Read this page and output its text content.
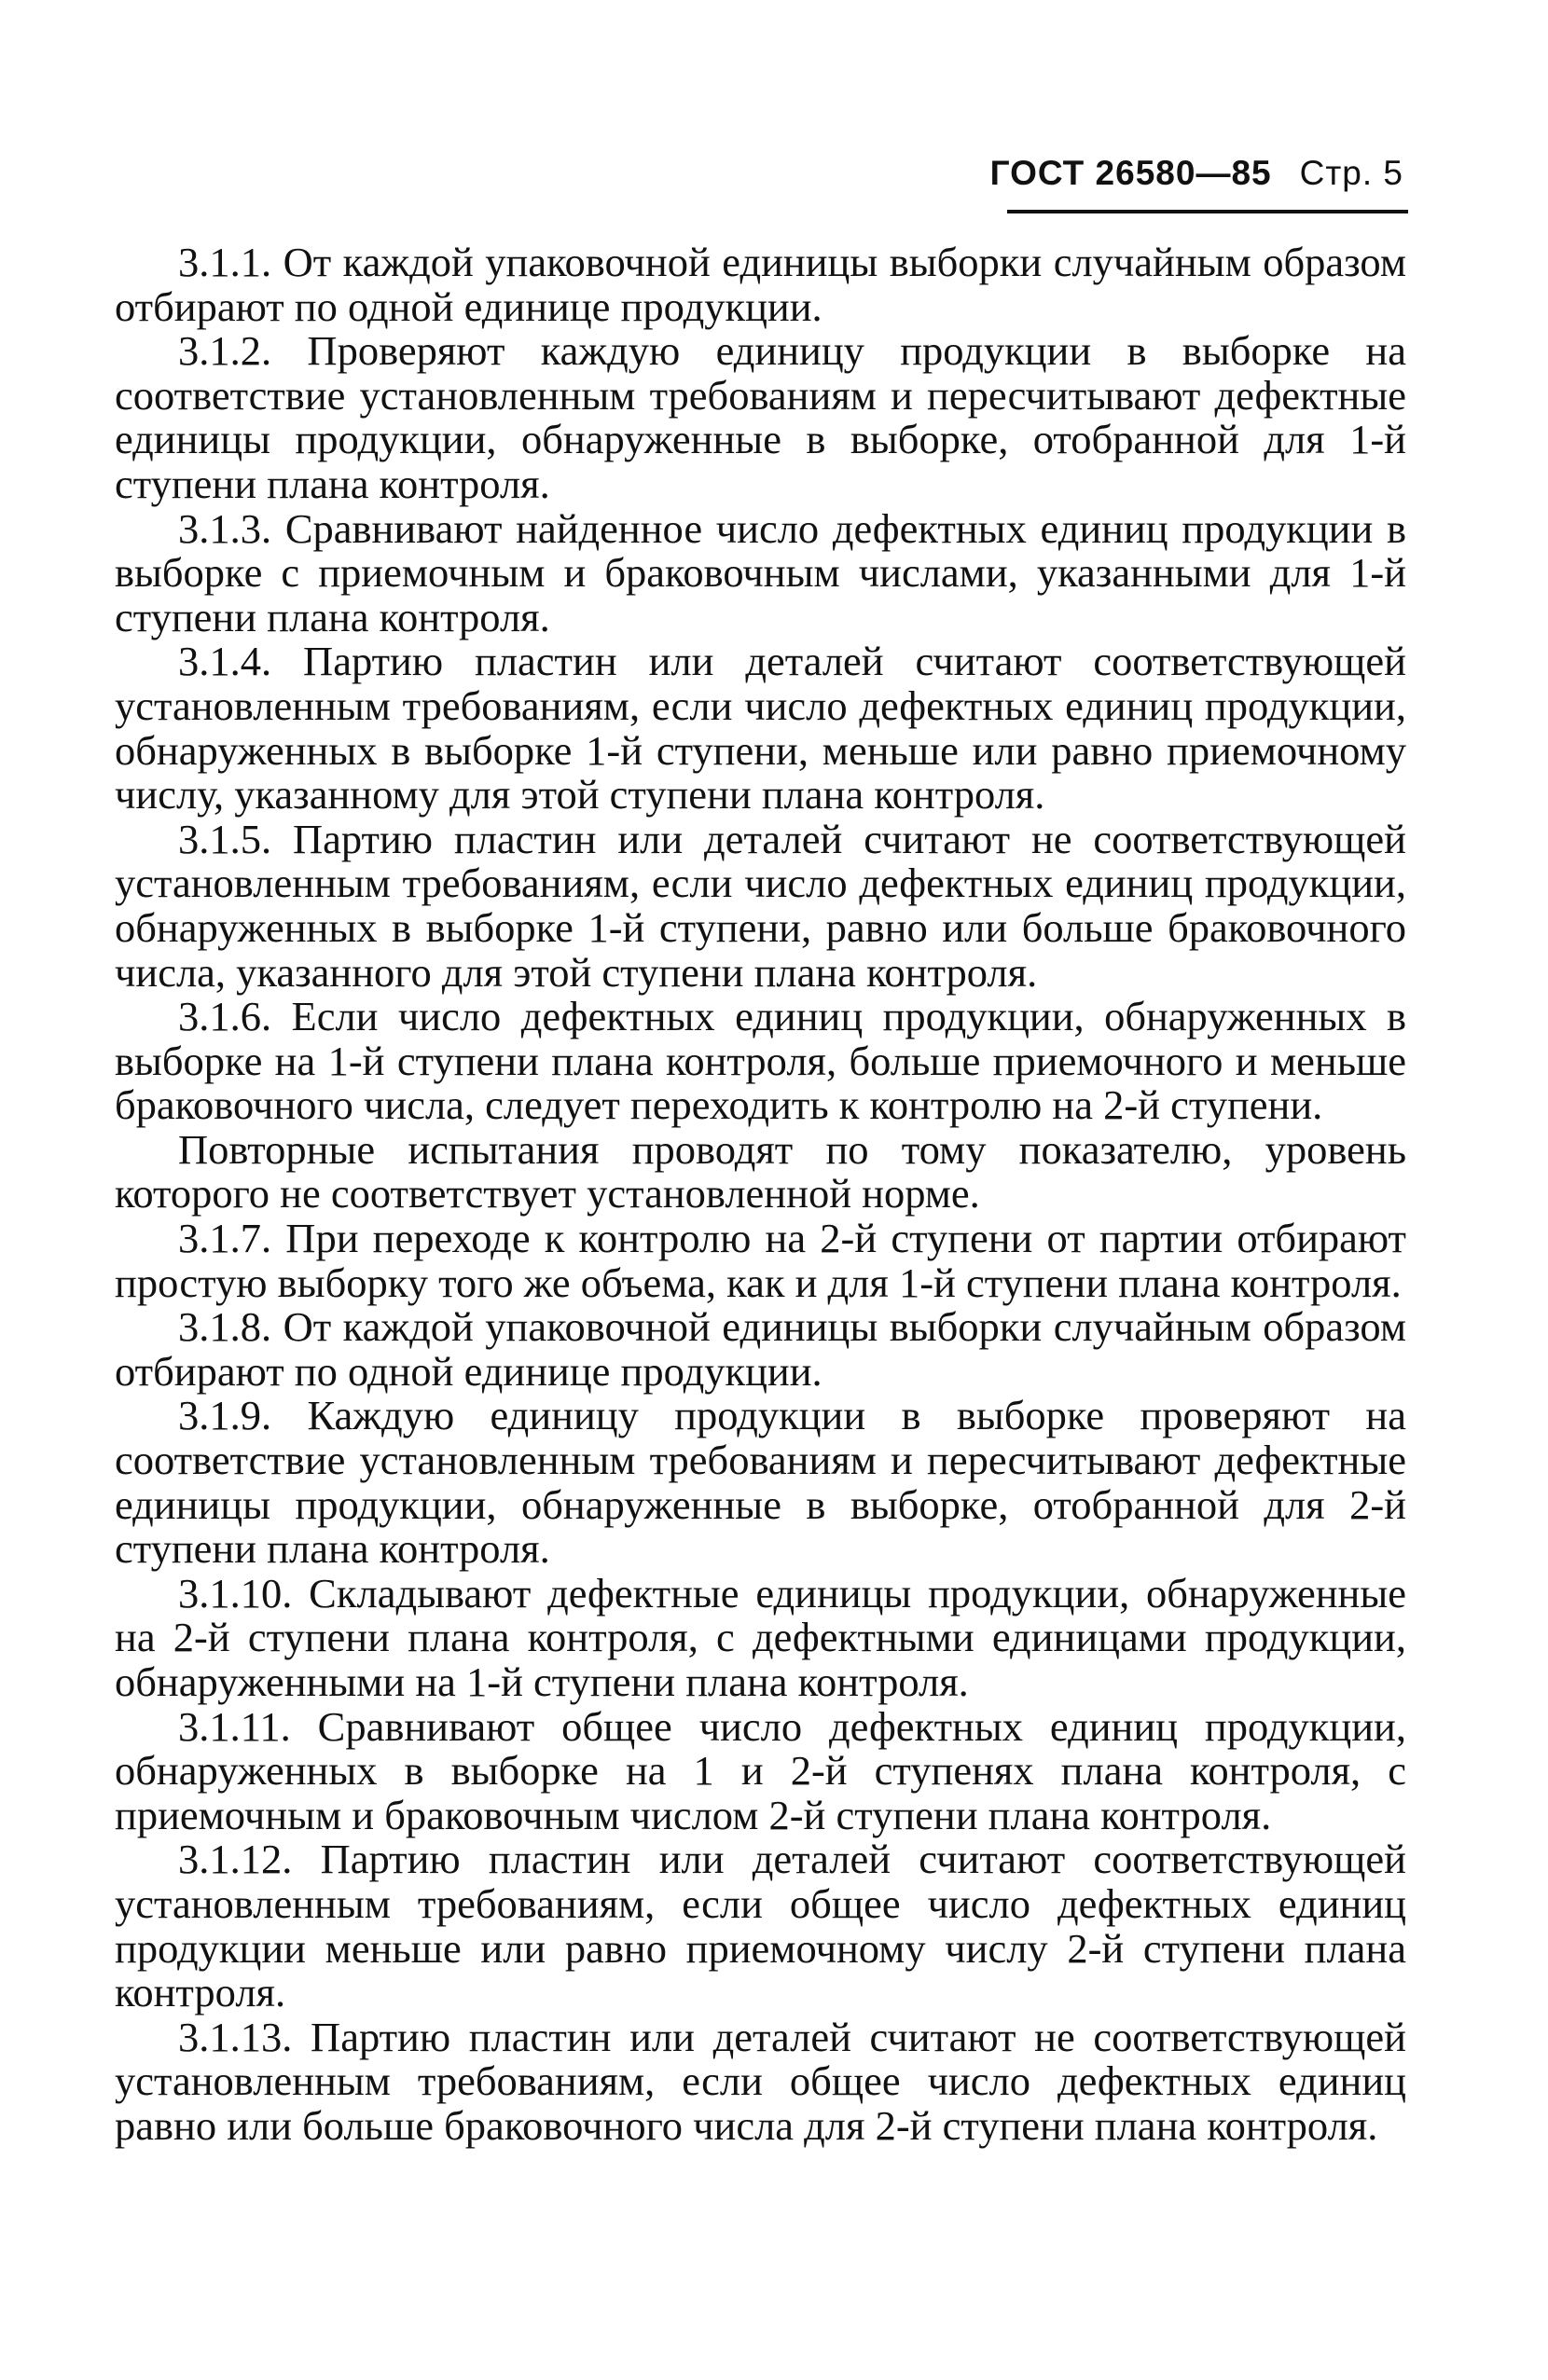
ГОСТ 26580—85 Стр. 5

3.1.1. От каждой упаковочной единицы выборки случайным образом отбирают по одной единице продукции.

3.1.2. Проверяют каждую единицу продукции в выборке на соответствие установленным требованиям и пересчитывают дефектные единицы продукции, обнаруженные в выборке, отобранной для 1-й ступени плана контроля.

3.1.3. Сравнивают найденное число дефектных единиц продукции в выборке с приемочным и браковочным числами, указанными для 1-й ступени плана контроля.

3.1.4. Партию пластин или деталей считают соответствующей установленным требованиям, если число дефектных единиц продукции, обнаруженных в выборке 1-й ступени, меньше или равно приемочному числу, указанному для этой ступени плана контроля.

3.1.5. Партию пластин или деталей считают не соответствующей установленным требованиям, если число дефектных единиц продукции, обнаруженных в выборке 1-й ступени, равно или больше браковочного числа, указанного для этой ступени плана контроля.

3.1.6. Если число дефектных единиц продукции, обнаруженных в выборке на 1-й ступени плана контроля, больше приемочного и меньше браковочного числа, следует переходить к контролю на 2-й ступени.

Повторные испытания проводят по тому показателю, уровень которого не соответствует установленной норме.

3.1.7. При переходе к контролю на 2-й ступени от партии отбирают простую выборку того же объема, как и для 1-й ступени плана контроля.

3.1.8. От каждой упаковочной единицы выборки случайным образом отбирают по одной единице продукции.

3.1.9. Каждую единицу продукции в выборке проверяют на соответствие установленным требованиям и пересчитывают дефектные единицы продукции, обнаруженные в выборке, отобранной для 2-й ступени плана контроля.

3.1.10. Складывают дефектные единицы продукции, обнаруженные на 2-й ступени плана контроля, с дефектными единицами продукции, обнаруженными на 1-й ступени плана контроля.

3.1.11. Сравнивают общее число дефектных единиц продукции, обнаруженных в выборке на 1 и 2-й ступенях плана контроля, с приемочным и браковочным числом 2-й ступени плана контроля.

3.1.12. Партию пластин или деталей считают соответствующей установленным требованиям, если общее число дефектных единиц продукции меньше или равно приемочному числу 2-й ступени плана контроля.

3.1.13. Партию пластин или деталей считают не соответствующей установленным требованиям, если общее число дефектных единиц равно или больше браковочного числа для 2-й ступени плана контроля.
